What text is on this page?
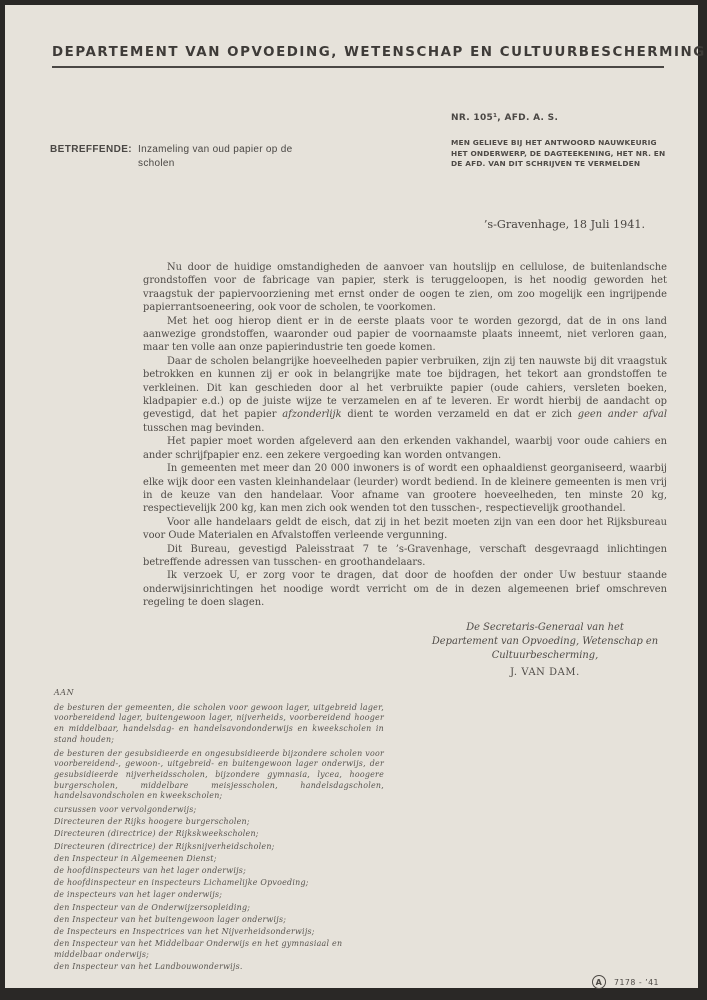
DEPARTEMENT VAN OPVOEDING, WETENSCHAP EN CULTUURBESCHERMING
NR. 105¹, AFD. A. S.
MEN GELIEVE BIJ HET ANTWOORD NAUWKEURIG HET ONDERWERP, DE DAGTEEKENING, HET NR. EN DE AFD. VAN DIT SCHRIJVEN TE VERMELDEN
BETREFFENDE: Inzameling van oud papier op de scholen
’s-Gravenhage, 18 Juli 1941.

Nu door de huidige omstandigheden de aanvoer van houtslijp en cellulose, de buitenlandsche grondstoffen voor de fabricage van papier, sterk is teruggeloopen, is het noodig geworden het vraagstuk der papiervoorziening met ernst onder de oogen te zien, om zoo mogelijk een ingrijpende papierrantsoeneering, ook voor de scholen, te voorkomen.

Met het oog hierop dient er in de eerste plaats voor te worden gezorgd, dat de in ons land aanwezige grondstoffen, waaronder oud papier de voornaamste plaats inneemt, niet verloren gaan, maar ten volle aan onze papierindustrie ten goede komen.

Daar de scholen belangrijke hoeveelheden papier verbruiken, zijn zij ten nauwste bij dit vraagstuk betrokken en kunnen zij er ook in belangrijke mate toe bijdragen, het tekort aan grondstoffen te verkleinen. Dit kan geschieden door al het verbruikte papier (oude cahiers, versleten boeken, kladpapier e.d.) op de juiste wijze te verzamelen en af te leveren. Er wordt hierbij de aandacht op gevestigd, dat het papier afzonderlijk dient te worden verzameld en dat er zich geen ander afval tusschen mag bevinden.

Het papier moet worden afgeleverd aan den erkenden vakhandel, waarbij voor oude cahiers en ander schrijfpapier enz. een zekere vergoeding kan worden ontvangen.

In gemeenten met meer dan 20 000 inwoners is of wordt een ophaaldienst georganiseerd, waarbij elke wijk door een vasten kleinhandelaar (leurder) wordt bediend. In de kleinere gemeenten is men vrij in de keuze van den handelaar. Voor afname van grootere hoeveelheden, ten minste 20 kg, respectievelijk 200 kg, kan men zich ook wenden tot den tusschen-, respectievelijk groothandel.

Voor alle handelaars geldt de eisch, dat zij in het bezit moeten zijn van een door het Rijksbureau voor Oude Materialen en Afvalstoffen verleende vergunning.

Dit Bureau, gevestigd Paleisstraat 7 te ’s-Gravenhage, verschaft desgevraagd inlichtingen betreffende adressen van tusschen- en groothandelaars.

Ik verzoek U, er zorg voor te dragen, dat door de hoofden der onder Uw bestuur staande onderwijsinrichtingen het noodige wordt verricht om de in dezen algemeenen brief omschreven regeling te doen slagen.

De Secretaris-Generaal van het
Departement van Opvoeding, Wetenschap en
Cultuurbescherming,
J. VAN DAM.
AAN
de besturen der gemeenten, die scholen voor gewoon lager, uitgebreid lager, voorbereidend lager, buitengewoon lager, nijverheids, voorbereidend hooger en middelbaar, handelsdag- en handelsavondonderwijs en kweekscholen in stand houden;
de besturen der gesubsidieerde en ongesubsidieerde bijzondere scholen voor voorbereidend-, gewoon-, uitgebreid- en buitengewoon lager onderwijs, der gesubsidieerde nijverheidsscholen, bijzondere gymnasia, lycea, hoogere burgerscholen, middelbare meisjesscholen, handelsdagscholen, handelsavondscholen en kweekscholen;
cursussen voor vervolgonderwijs;
Directeuren der Rijks hoogere burgerscholen;
Directeuren (directrice) der Rijkskweekscholen;
Directeuren (directrice) der Rijksnijverheidscholen;
den Inspecteur in Algemeenen Dienst;
de hoofdinspecteurs van het lager onderwijs;
de hoofdinspecteur en inspecteurs Lichamelijke Opvoeding;
de inspecteurs van het lager onderwijs;
den Inspecteur van de Onderwijzersopleiding;
den Inspecteur van het buitengewoon lager onderwijs;
de Inspecteurs en Inspectrices van het Nijverheidsonderwijs;
den Inspecteur van het Middelbaar Onderwijs en het gymnasiaal en middelbaar onderwijs;
den Inspecteur van het Landbouwonderwijs.
A	7178 - ’41
